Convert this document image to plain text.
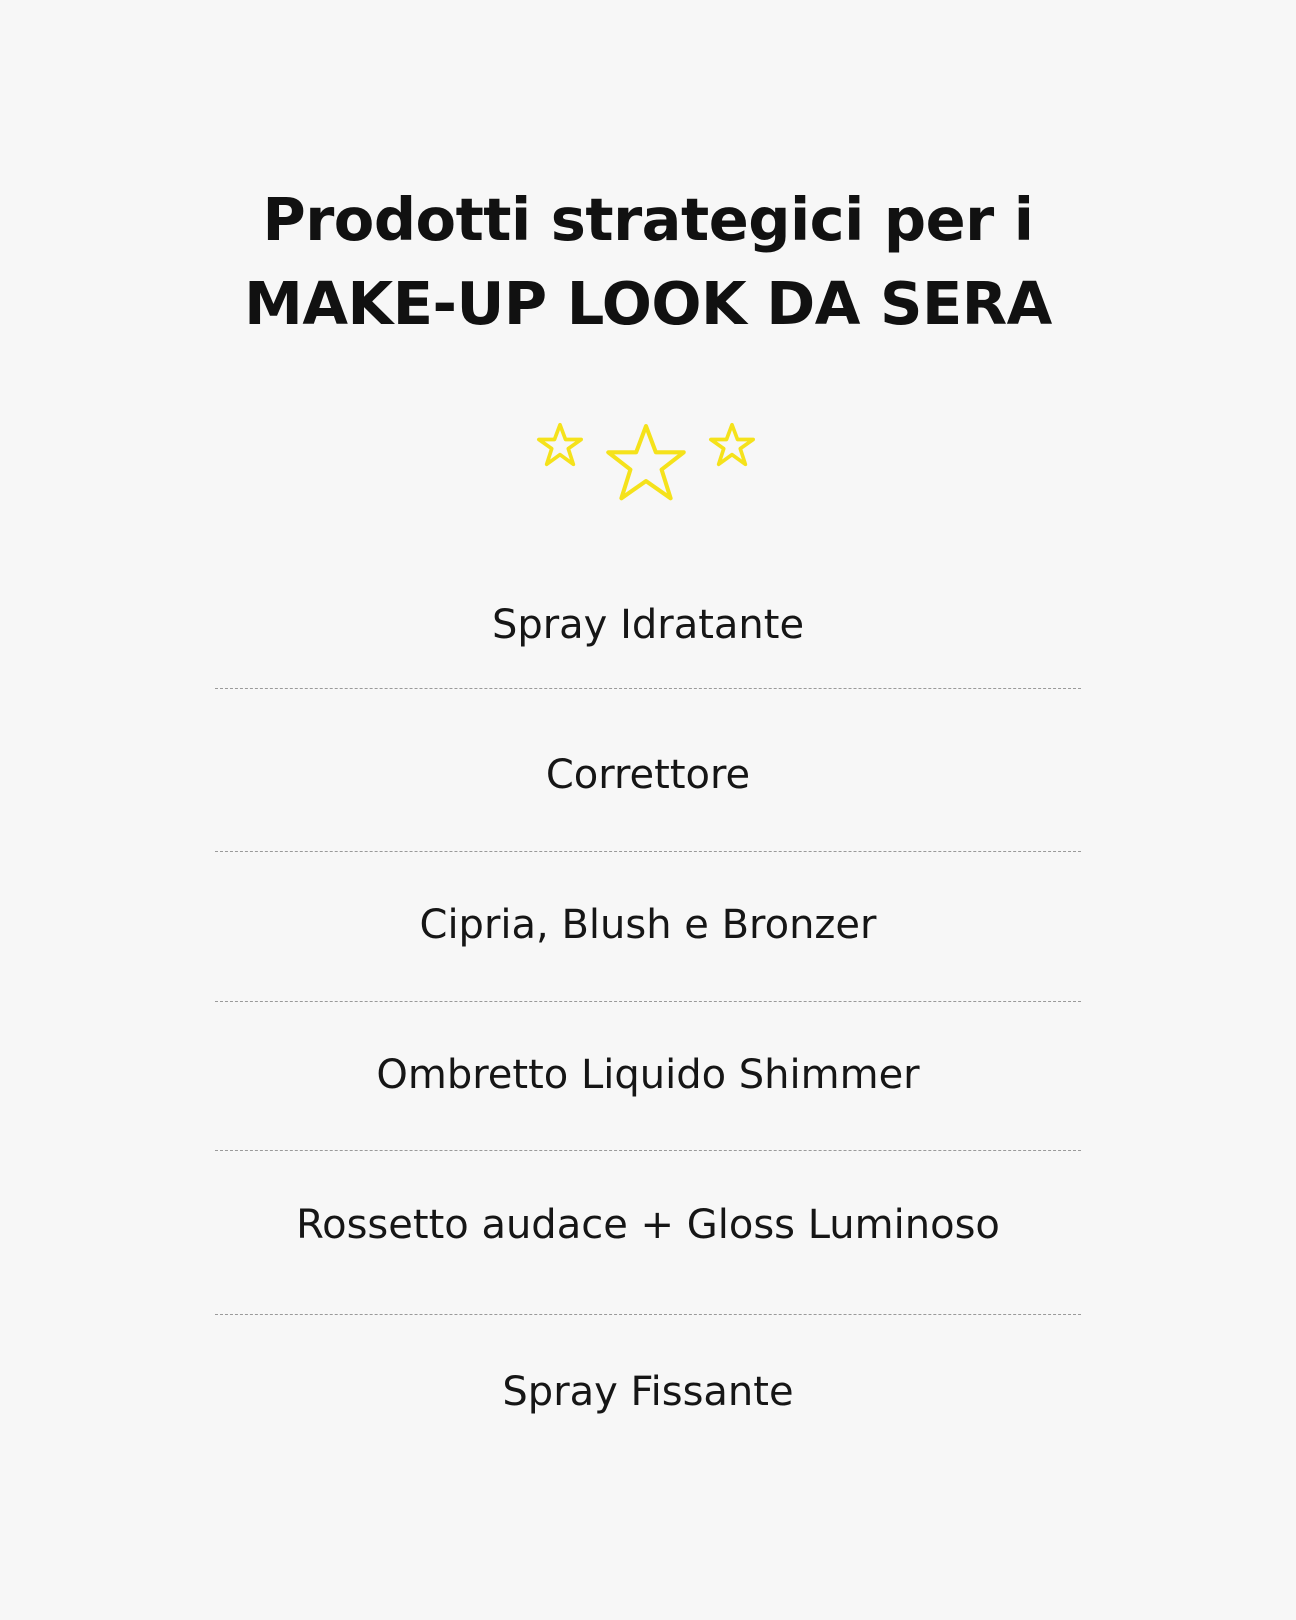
Prodotti strategici per i
MAKE-UP LOOK DA SERA
Spray Idratante
Correttore
Cipria, Blush e Bronzer
Ombretto Liquido Shimmer
Rossetto audace + Gloss Luminoso
Spray Fissante
